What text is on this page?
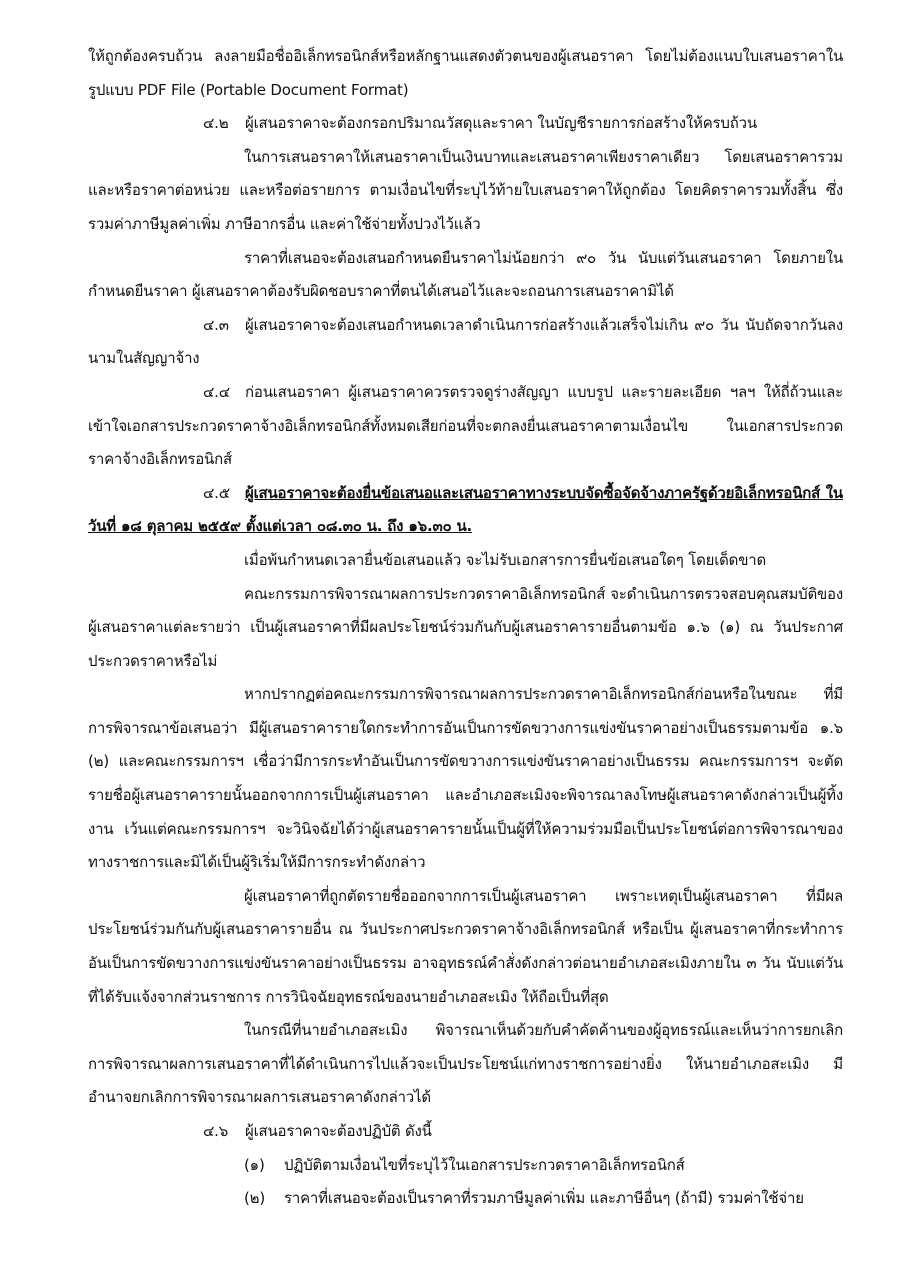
ให้ถูกต้องครบถ้วน ลงลายมือชื่ออิเล็กทรอนิกส์หรือหลักฐานแสดงตัวตนของผู้เสนอราคา โดยไม่ต้องแนบใบเสนอราคาในรูปแบบ PDF File (Portable Document Format)

๔.๒ ผู้เสนอราคาจะต้องกรอกปริมาณวัสดุและราคา ในบัญชีรายการก่อสร้างให้ครบถ้วน

ในการเสนอราคาให้เสนอราคาเป็นเงินบาทและเสนอราคาเพียงราคาเดียว โดยเสนอราคารวม และหรือราคาต่อหน่วย และหรือต่อรายการ ตามเงื่อนไขที่ระบุไว้ท้ายใบเสนอราคาให้ถูกต้อง โดยคิดราคารวมทั้งสิ้น ซึ่งรวมค่าภาษีมูลค่าเพิ่ม ภาษีอากรอื่น และค่าใช้จ่ายทั้งปวงไว้แล้ว

ราคาที่เสนอจะต้องเสนอกำหนดยืนราคาไม่น้อยกว่า ๙๐ วัน นับแต่วันเสนอราคา โดยภายในกำหนดยืนราคา ผู้เสนอราคาต้องรับผิดชอบราคาที่ตนได้เสนอไว้และจะถอนการเสนอราคามิได้

๔.๓ ผู้เสนอราคาจะต้องเสนอกำหนดเวลาดำเนินการก่อสร้างแล้วเสร็จไม่เกิน ๙๐ วัน นับถัดจากวันลงนามในสัญญาจ้าง

๔.๔ ก่อนเสนอราคา ผู้เสนอราคาควรตรวจดูร่างสัญญา แบบรูป และรายละเอียด ฯลฯ ให้ถี่ถ้วนและเข้าใจเอกสารประกวดราคาจ้างอิเล็กทรอนิกส์ทั้งหมดเสียก่อนที่จะตกลงยื่นเสนอราคาตามเงื่อนไข ในเอกสารประกวดราคาจ้างอิเล็กทรอนิกส์

๔.๕ ผู้เสนอราคาจะต้องยื่นข้อเสนอและเสนอราคาทางระบบจัดซื้อจัดจ้างภาครัฐด้วยอิเล็กทรอนิกส์ ในวันที่ ๑๘ ตุลาคม ๒๕๕๙ ตั้งแต่เวลา ๐๘.๓๐ น. ถึง ๑๖.๓๐ น.

เมื่อพ้นกำหนดเวลายื่นข้อเสนอแล้ว จะไม่รับเอกสารการยื่นข้อเสนอใดๆ โดยเด็ดขาด

คณะกรรมการพิจารณาผลการประกวดราคาอิเล็กทรอนิกส์ จะดำเนินการตรวจสอบคุณสมบัติของผู้เสนอราคาแต่ละรายว่า เป็นผู้เสนอราคาที่มีผลประโยชน์ร่วมกันกับผู้เสนอราคารายอื่นตามข้อ ๑.๖ (๑) ณ วันประกาศประกวดราคาหรือไม่

หากปรากฏต่อคณะกรรมการพิจารณาผลการประกวดราคาอิเล็กทรอนิกส์ก่อนหรือในขณะ ที่มีการพิจารณาข้อเสนอว่า มีผู้เสนอราคารายใดกระทำการอันเป็นการขัดขวางการแข่งขันราคาอย่างเป็นธรรมตามข้อ ๑.๖ (๒) และคณะกรรมการฯ เชื่อว่ามีการกระทำอันเป็นการขัดขวางการแข่งขันราคาอย่างเป็นธรรม คณะกรรมการฯ จะตัดรายชื่อผู้เสนอราคารายนั้นออกจากการเป็นผู้เสนอราคา และอำเภอสะเมิงจะพิจารณาลงโทษผู้เสนอราคาดังกล่าวเป็นผู้ทิ้งงาน เว้นแต่คณะกรรมการฯ จะวินิจฉัยได้ว่าผู้เสนอราคารายนั้นเป็นผู้ที่ให้ความร่วมมือเป็นประโยชน์ต่อการพิจารณาของทางราชการและมิได้เป็นผู้ริเริ่มให้มีการกระทำดังกล่าว

ผู้เสนอราคาที่ถูกตัดรายชื่อออกจากการเป็นผู้เสนอราคา เพราะเหตุเป็นผู้เสนอราคา ที่มีผลประโยชน์ร่วมกันกับผู้เสนอราคารายอื่น ณ วันประกาศประกวดราคาจ้างอิเล็กทรอนิกส์ หรือเป็น ผู้เสนอราคาที่กระทำการอันเป็นการขัดขวางการแข่งขันราคาอย่างเป็นธรรม อาจอุทธรณ์คำสั่งดังกล่าวต่อนายอำเภอสะเมิงภายใน ๓ วัน นับแต่วันที่ได้รับแจ้งจากส่วนราชการ การวินิจฉัยอุทธรณ์ของนายอำเภอสะเมิง ให้ถือเป็นที่สุด

ในกรณีที่นายอำเภอสะเมิง พิจารณาเห็นด้วยกับคำคัดค้านของผู้อุทธรณ์และเห็นว่าการยกเลิกการพิจารณาผลการเสนอราคาที่ได้ดำเนินการไปแล้วจะเป็นประโยชน์แก่ทางราชการอย่างยิ่ง ให้นายอำเภอสะเมิง มีอำนาจยกเลิกการพิจารณาผลการเสนอราคาดังกล่าวได้

๔.๖ ผู้เสนอราคาจะต้องปฏิบัติ ดังนี้

(๑) ปฏิบัติตามเงื่อนไขที่ระบุไว้ในเอกสารประกวดราคาอิเล็กทรอนิกส์

(๒) ราคาที่เสนอจะต้องเป็นราคาที่รวมภาษีมูลค่าเพิ่ม และภาษีอื่นๆ (ถ้ามี) รวมค่าใช้จ่าย
